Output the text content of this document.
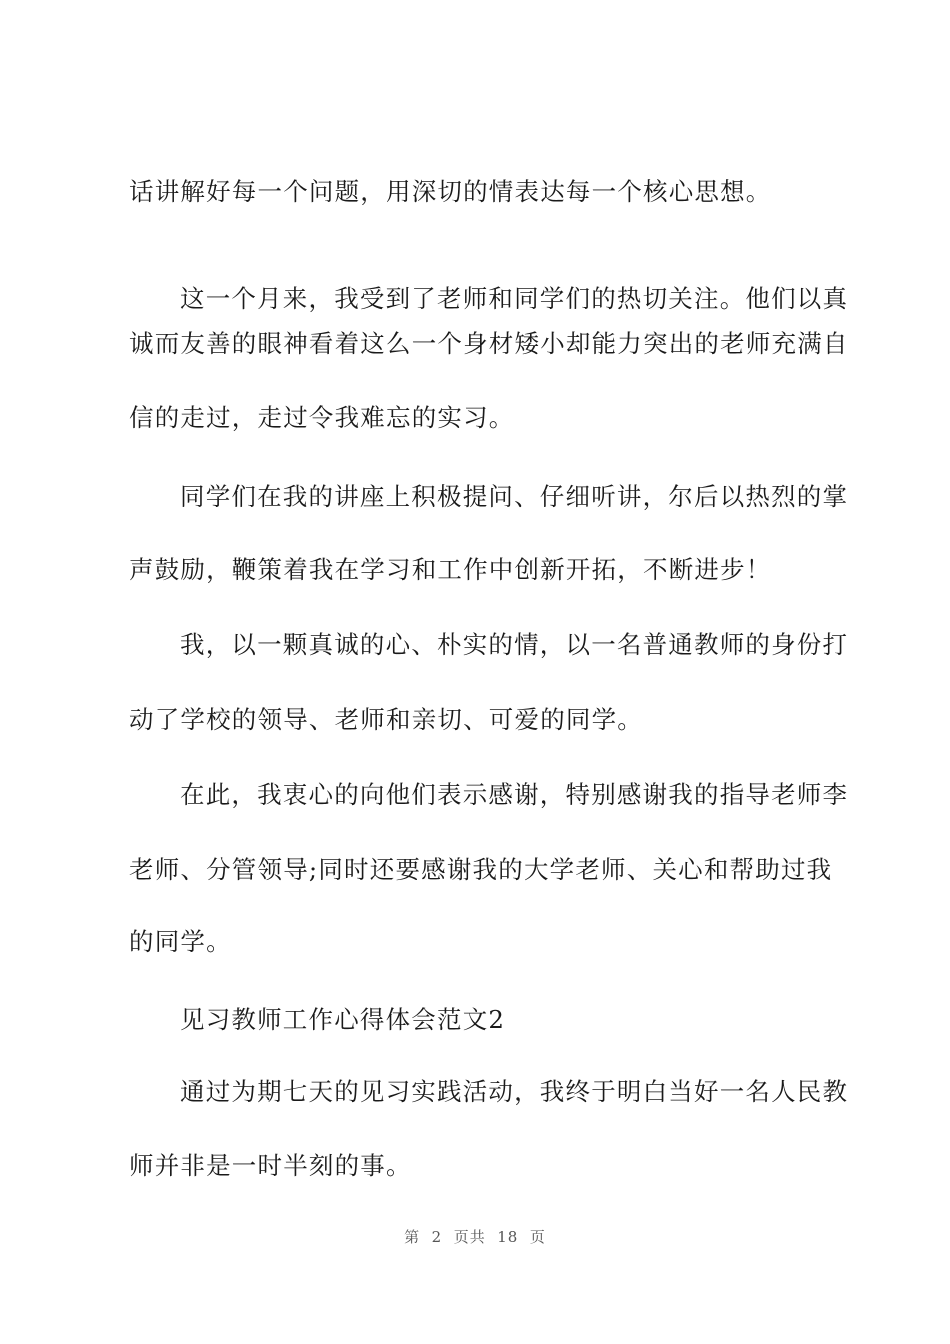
话讲解好每一个问题，用深切的情表达每一个核心思想。
这一个月来，我受到了老师和同学们的热切关注。他们以真
诚而友善的眼神看着这么一个身材矮小却能力突出的老师充满自
信的走过，走过令我难忘的实习。
同学们在我的讲座上积极提问、仔细听讲，尔后以热烈的掌
声鼓励，鞭策着我在学习和工作中创新开拓，不断进步！
我，以一颗真诚的心、朴实的情，以一名普通教师的身份打
动了学校的领导、老师和亲切、可爱的同学。
在此，我衷心的向他们表示感谢，特别感谢我的指导老师李
老师、分管领导;同时还要感谢我的大学老师、关心和帮助过我
的同学。
见习教师工作心得体会范文2
通过为期七天的见习实践活动，我终于明白当好一名人民教
师并非是一时半刻的事。
第  2  页共  18  页
